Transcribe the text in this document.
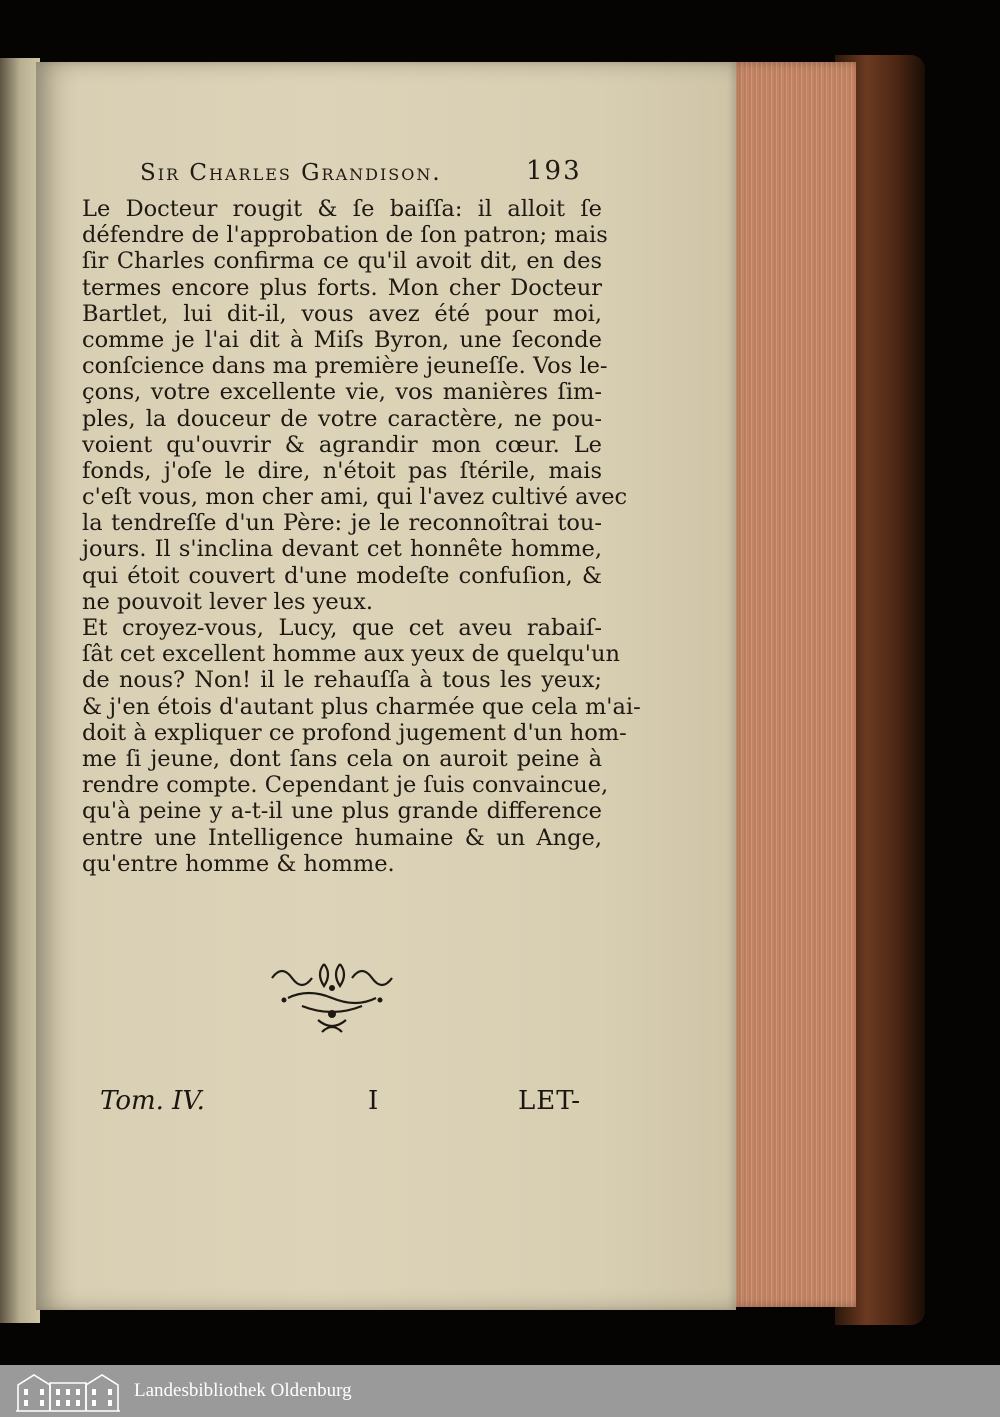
Sir Charles Grandison.	193
Le Docteur rougit & ſe baiſſa: il alloit ſe
défendre de l'approbation de ſon patron; mais
ſir Charles confirma ce qu'il avoit dit, en des
termes encore plus forts. Mon cher Docteur
Bartlet, lui dit-il, vous avez été pour moi,
comme je l'ai dit à Miſs Byron, une ſeconde
conſcience dans ma première jeuneſſe. Vos le-
çons, votre excellente vie, vos manières ſim-
ples, la douceur de votre caractère, ne pou-
voient qu'ouvrir & agrandir mon cœur. Le
fonds, j'oſe le dire, n'étoit pas ſtérile, mais
c'eſt vous, mon cher ami, qui l'avez cultivé avec
la tendreſſe d'un Père: je le reconnoîtrai tou-
jours. Il s'inclina devant cet honnête homme,
qui étoit couvert d'une modeſte confuſion, &
ne pouvoit lever les yeux.
Et croyez-vous, Lucy, que cet aveu rabaiſ-
ſât cet excellent homme aux yeux de quelqu'un
de nous? Non! il le rehauſſa à tous les yeux;
& j'en étois d'autant plus charmée que cela m'ai-
doit à expliquer ce profond jugement d'un hom-
me ſi jeune, dont ſans cela on auroit peine à
rendre compte. Cependant je ſuis convaincue,
qu'à peine y a-t-il une plus grande difference
entre une Intelligence humaine & un Ange,
qu'entre homme & homme.
Tom. IV.	I	LET-
Landesbibliothek Oldenburg
